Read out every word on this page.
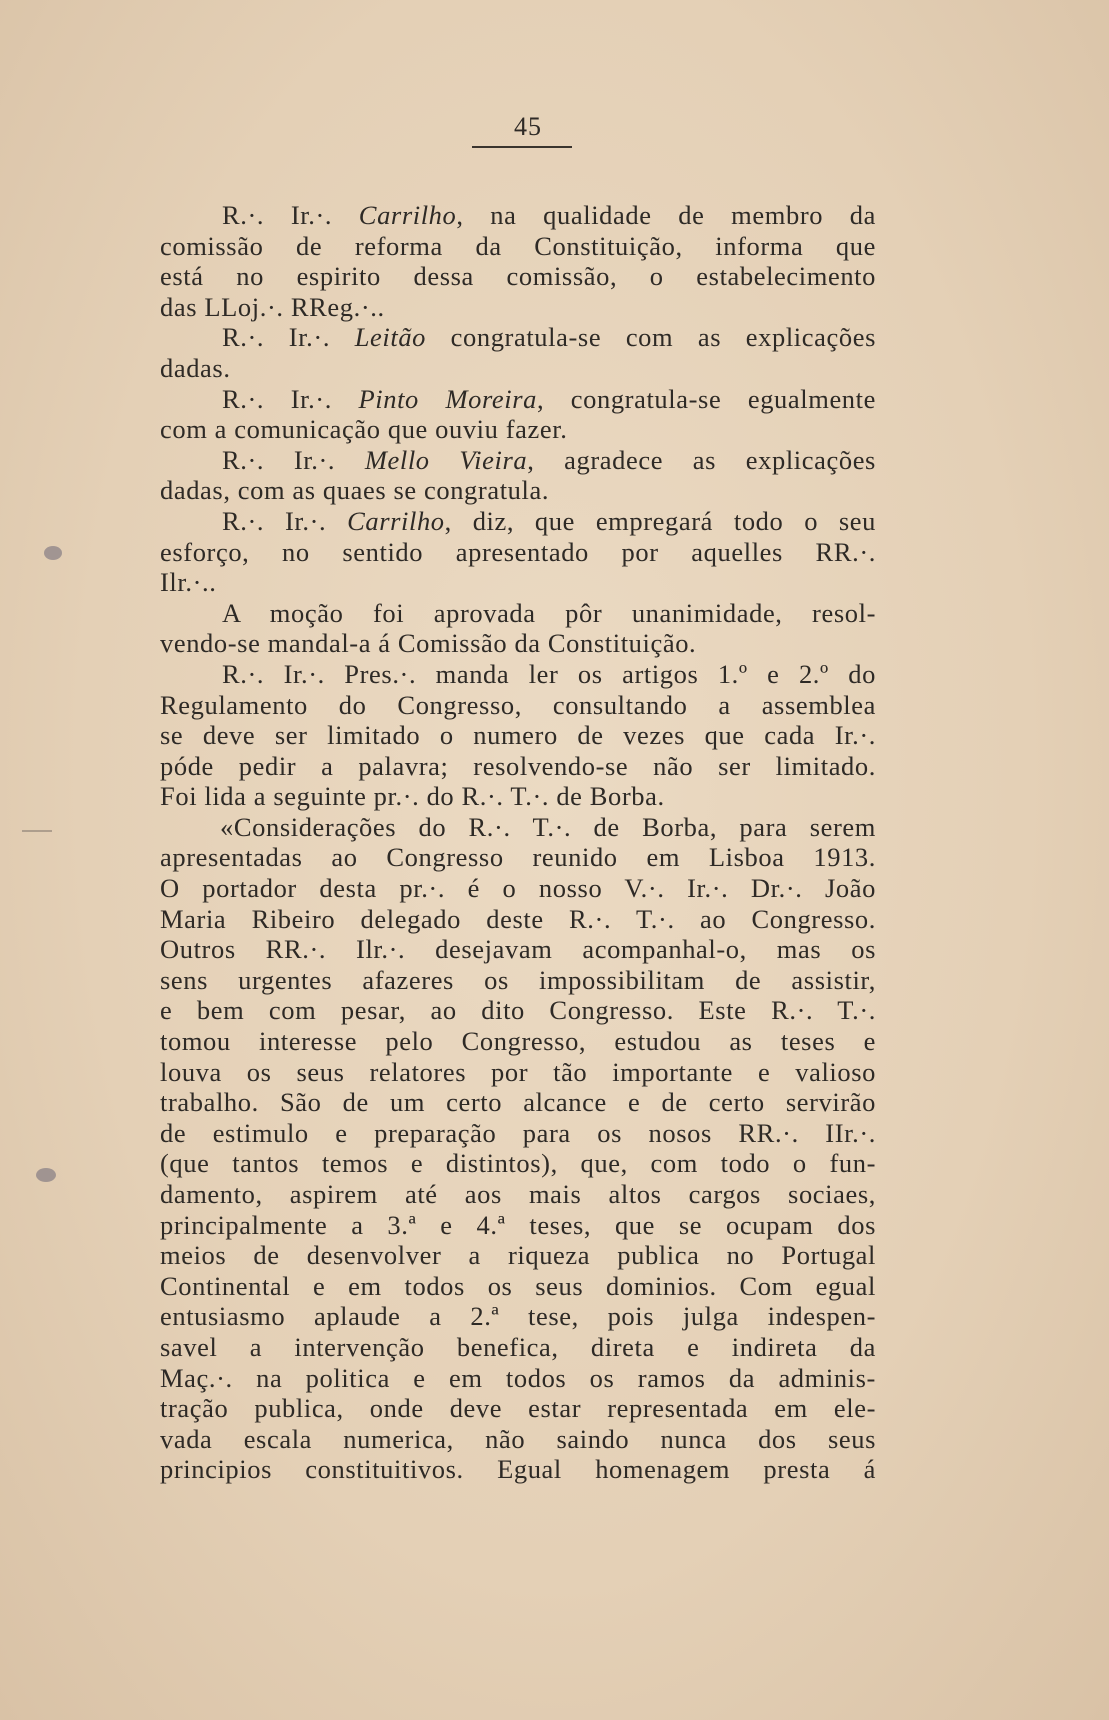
45
R.·. Ir.·. Carrilho, na qualidade de membro da
comissão de reforma da Constituição, informa que
está no espirito dessa comissão, o estabelecimento
das LLoj.·. RReg.·..
R.·. Ir.·. Leitão congratula-se com as explicações
dadas.
R.·. Ir.·. Pinto Moreira, congratula-se egualmente
com a comunicação que ouviu fazer.
R.·. Ir.·. Mello Vieira, agradece as explicações
dadas, com as quaes se congratula.
R.·. Ir.·. Carrilho, diz, que empregará todo o seu
esforço, no sentido apresentado por aquelles RR.·.
Ilr.·..
A moção foi aprovada pôr unanimidade, resol-
vendo-se mandal-a á Comissão da Constituição.
R.·. Ir.·. Pres.·. manda ler os artigos 1.º e 2.º do
Regulamento do Congresso, consultando a assemblea
se deve ser limitado o numero de vezes que cada Ir.·.
póde pedir a palavra; resolvendo-se não ser limitado.
Foi lida a seguinte pr.·. do R.·. T.·. de Borba.
«Considerações do R.·. T.·. de Borba, para serem
apresentadas ao Congresso reunido em Lisboa 1913.
O portador desta pr.·. é o nosso V.·. Ir.·. Dr.·. João
Maria Ribeiro delegado deste R.·. T.·. ao Congresso.
Outros RR.·. Ilr.·. desejavam acompanhal-o, mas os
sens urgentes afazeres os impossibilitam de assistir,
e bem com pesar, ao dito Congresso. Este R.·. T.·.
tomou interesse pelo Congresso, estudou as teses e
louva os seus relatores por tão importante e valioso
trabalho. São de um certo alcance e de certo servirão
de estimulo e preparação para os nosos RR.·. IIr.·.
(que tantos temos e distintos), que, com todo o fun-
damento, aspirem até aos mais altos cargos sociaes,
principalmente a 3.ª e 4.ª teses, que se ocupam dos
meios de desenvolver a riqueza publica no Portugal
Continental e em todos os seus dominios. Com egual
entusiasmo aplaude a 2.ª tese, pois julga indespen-
savel a intervenção benefica, direta e indireta da
Maç.·. na politica e em todos os ramos da adminis-
tração publica, onde deve estar representada em ele-
vada escala numerica, não saindo nunca dos seus
principios constituitivos. Egual homenagem presta á
